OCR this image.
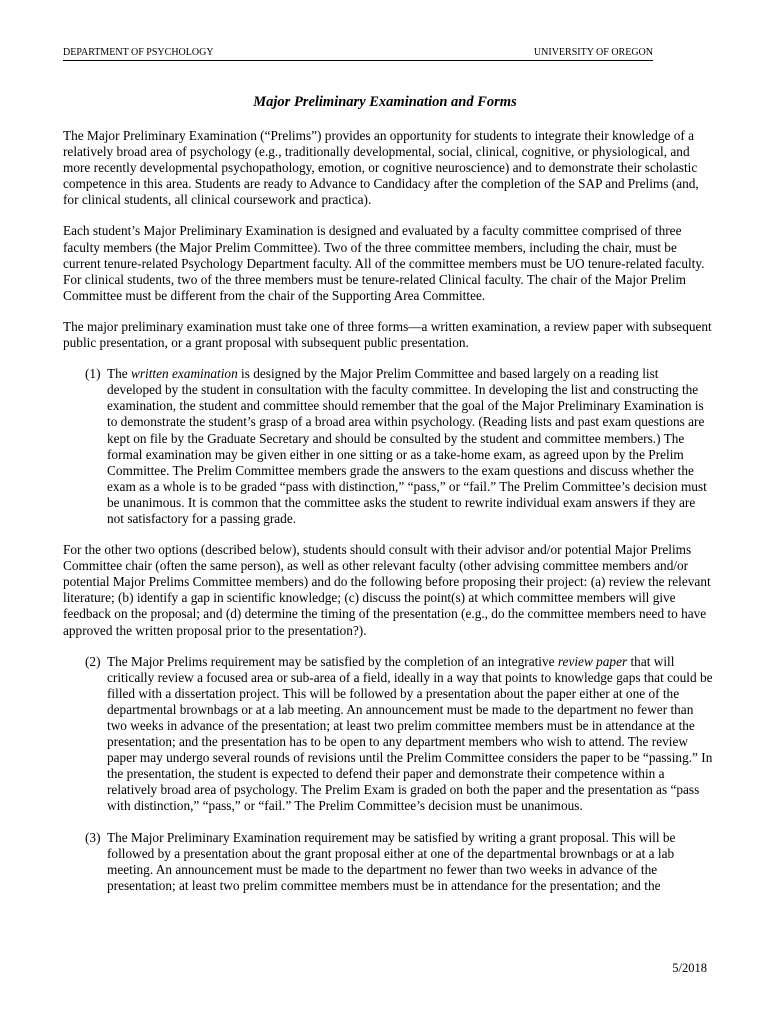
DEPARTMENT OF PSYCHOLOGY	UNIVERSITY OF OREGON
Major Preliminary Examination and Forms

The Major Preliminary Examination (“Prelims”) provides an opportunity for students to integrate their knowledge of a relatively broad area of psychology (e.g., traditionally developmental, social, clinical, cognitive, or physiological, and more recently developmental psychopathology, emotion, or cognitive neuroscience) and to demonstrate their scholastic competence in this area. Students are ready to Advance to Candidacy after the completion of the SAP and Prelims (and, for clinical students, all clinical coursework and practica).

Each student’s Major Preliminary Examination is designed and evaluated by a faculty committee comprised of three faculty members (the Major Prelim Committee). Two of the three committee members, including the chair, must be current tenure-related Psychology Department faculty. All of the committee members must be UO tenure-related faculty. For clinical students, two of the three members must be tenure-related Clinical faculty. The chair of the Major Prelim Committee must be different from the chair of the Supporting Area Committee.

The major preliminary examination must take one of three forms—a written examination, a review paper with subsequent public presentation, or a grant proposal with subsequent public presentation.

(1) The written examination is designed by the Major Prelim Committee and based largely on a reading list developed by the student in consultation with the faculty committee. In developing the list and constructing the examination, the student and committee should remember that the goal of the Major Preliminary Examination is to demonstrate the student’s grasp of a broad area within psychology. (Reading lists and past exam questions are kept on file by the Graduate Secretary and should be consulted by the student and committee members.) The formal examination may be given either in one sitting or as a take-home exam, as agreed upon by the Prelim Committee. The Prelim Committee members grade the answers to the exam questions and discuss whether the exam as a whole is to be graded “pass with distinction,” “pass,” or “fail.” The Prelim Committee’s decision must be unanimous. It is common that the committee asks the student to rewrite individual exam answers if they are not satisfactory for a passing grade.

For the other two options (described below), students should consult with their advisor and/or potential Major Prelims Committee chair (often the same person), as well as other relevant faculty (other advising committee members and/or potential Major Prelims Committee members) and do the following before proposing their project: (a) review the relevant literature; (b) identify a gap in scientific knowledge; (c) discuss the point(s) at which committee members will give feedback on the proposal; and (d) determine the timing of the presentation (e.g., do the committee members need to have approved the written proposal prior to the presentation?).

(2) The Major Prelims requirement may be satisfied by the completion of an integrative review paper that will critically review a focused area or sub-area of a field, ideally in a way that points to knowledge gaps that could be filled with a dissertation project. This will be followed by a presentation about the paper either at one of the departmental brownbags or at a lab meeting. An announcement must be made to the department no fewer than two weeks in advance of the presentation; at least two prelim committee members must be in attendance at the presentation; and the presentation has to be open to any department members who wish to attend. The review paper may undergo several rounds of revisions until the Prelim Committee considers the paper to be “passing.” In the presentation, the student is expected to defend their paper and demonstrate their competence within a relatively broad area of psychology. The Prelim Exam is graded on both the paper and the presentation as “pass with distinction,” “pass,” or “fail.” The Prelim Committee’s decision must be unanimous.

(3) The Major Preliminary Examination requirement may be satisfied by writing a grant proposal. This will be followed by a presentation about the grant proposal either at one of the departmental brownbags or at a lab meeting. An announcement must be made to the department no fewer than two weeks in advance of the presentation; at least two prelim committee members must be in attendance for the presentation; and the

5/2018
